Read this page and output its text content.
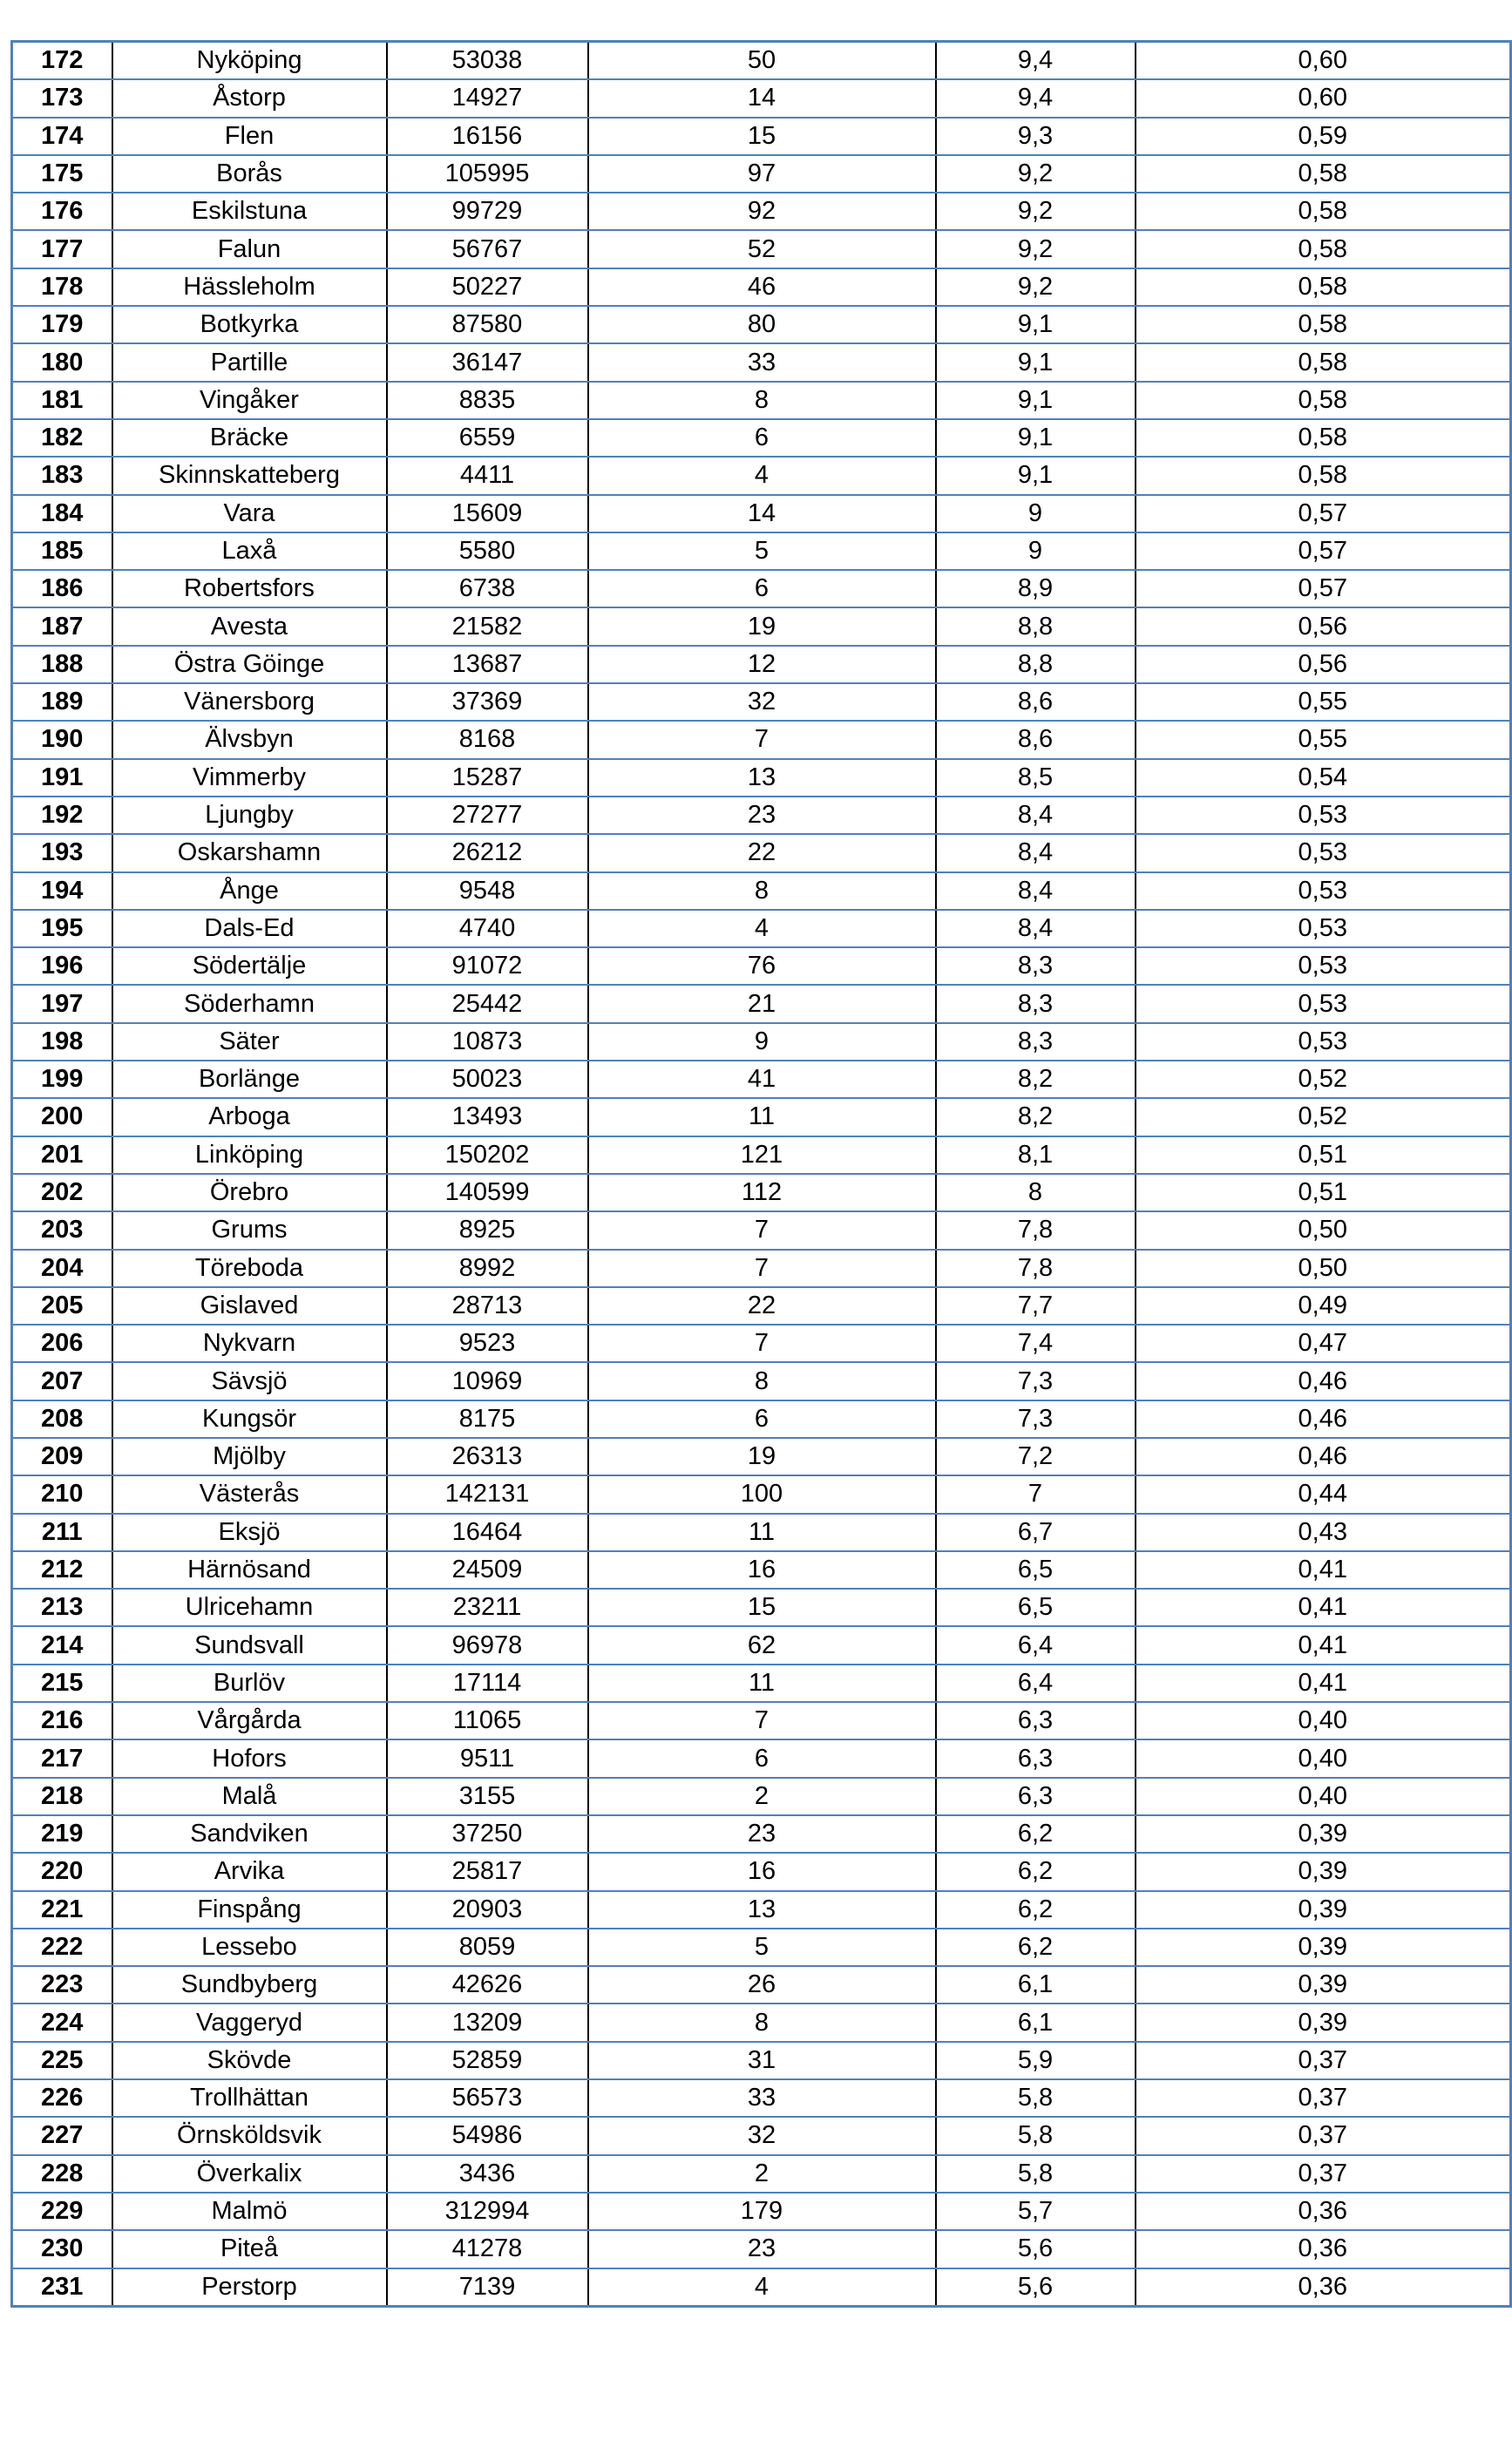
172	Nyköping	53038	50	9,4	0,60
173	Åstorp	14927	14	9,4	0,60
174	Flen	16156	15	9,3	0,59
175	Borås	105995	97	9,2	0,58
176	Eskilstuna	99729	92	9,2	0,58
177	Falun	56767	52	9,2	0,58
178	Hässleholm	50227	46	9,2	0,58
179	Botkyrka	87580	80	9,1	0,58
180	Partille	36147	33	9,1	0,58
181	Vingåker	8835	8	9,1	0,58
182	Bräcke	6559	6	9,1	0,58
183	Skinnskatteberg	4411	4	9,1	0,58
184	Vara	15609	14	9	0,57
185	Laxå	5580	5	9	0,57
186	Robertsfors	6738	6	8,9	0,57
187	Avesta	21582	19	8,8	0,56
188	Östra Göinge	13687	12	8,8	0,56
189	Vänersborg	37369	32	8,6	0,55
190	Älvsbyn	8168	7	8,6	0,55
191	Vimmerby	15287	13	8,5	0,54
192	Ljungby	27277	23	8,4	0,53
193	Oskarshamn	26212	22	8,4	0,53
194	Ånge	9548	8	8,4	0,53
195	Dals-Ed	4740	4	8,4	0,53
196	Södertälje	91072	76	8,3	0,53
197	Söderhamn	25442	21	8,3	0,53
198	Säter	10873	9	8,3	0,53
199	Borlänge	50023	41	8,2	0,52
200	Arboga	13493	11	8,2	0,52
201	Linköping	150202	121	8,1	0,51
202	Örebro	140599	112	8	0,51
203	Grums	8925	7	7,8	0,50
204	Töreboda	8992	7	7,8	0,50
205	Gislaved	28713	22	7,7	0,49
206	Nykvarn	9523	7	7,4	0,47
207	Sävsjö	10969	8	7,3	0,46
208	Kungsör	8175	6	7,3	0,46
209	Mjölby	26313	19	7,2	0,46
210	Västerås	142131	100	7	0,44
211	Eksjö	16464	11	6,7	0,43
212	Härnösand	24509	16	6,5	0,41
213	Ulricehamn	23211	15	6,5	0,41
214	Sundsvall	96978	62	6,4	0,41
215	Burlöv	17114	11	6,4	0,41
216	Vårgårda	11065	7	6,3	0,40
217	Hofors	9511	6	6,3	0,40
218	Malå	3155	2	6,3	0,40
219	Sandviken	37250	23	6,2	0,39
220	Arvika	25817	16	6,2	0,39
221	Finspång	20903	13	6,2	0,39
222	Lessebo	8059	5	6,2	0,39
223	Sundbyberg	42626	26	6,1	0,39
224	Vaggeryd	13209	8	6,1	0,39
225	Skövde	52859	31	5,9	0,37
226	Trollhättan	56573	33	5,8	0,37
227	Örnsköldsvik	54986	32	5,8	0,37
228	Överkalix	3436	2	5,8	0,37
229	Malmö	312994	179	5,7	0,36
230	Piteå	41278	23	5,6	0,36
231	Perstorp	7139	4	5,6	0,36
